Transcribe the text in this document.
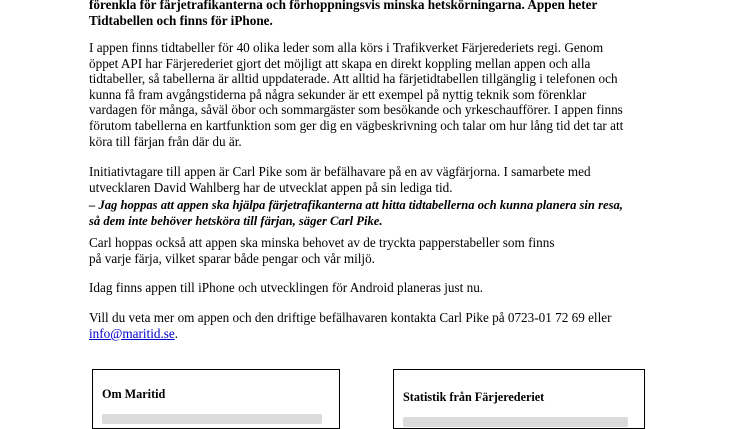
förenkla för färjetrafikanterna och förhoppningsvis minska hetskörningarna. Appen heter
Tidtabellen och finns för iPhone.

I appen finns tidtabeller för 40 olika leder som alla körs i Trafikverket Färjerederiets regi. Genom
öppet API har Färjerederiet gjort det möjligt att skapa en direkt koppling mellan appen och alla
tidtabeller, så tabellerna är alltid uppdaterade. Att alltid ha färjetidtabellen tillgänglig i telefonen och
kunna få fram avgångstiderna på några sekunder är ett exempel på nyttig teknik som förenklar
vardagen för många, såväl öbor och sommargäster som besökande och yrkeschaufförer. I appen finns
förutom tabellerna en kartfunktion som ger dig en vägbeskrivning och talar om hur lång tid det tar att
köra till färjan från där du är.

Initiativtagare till appen är Carl Pike som är befälhavare på en av vägfärjorna. I samarbete med
utvecklaren David Wahlberg har de utvecklat appen på sin lediga tid.

– Jag hoppas att appen ska hjälpa färjetrafikanterna att hitta tidtabellerna och kunna planera sin resa,
så dem inte behöver hetsköra till färjan, säger Carl Pike.

Carl hoppas också att appen ska minska behovet av de tryckta papperstabeller som finns
på varje färja, vilket sparar både pengar och vår miljö.

Idag finns appen till iPhone och utvecklingen för Android planeras just nu.

Vill du veta mer om appen och den driftige befälhavaren kontakta Carl Pike på 0723-01 72 69 eller
info@maritid.se.

Om Maritid	Statistik från Färjerederiet
